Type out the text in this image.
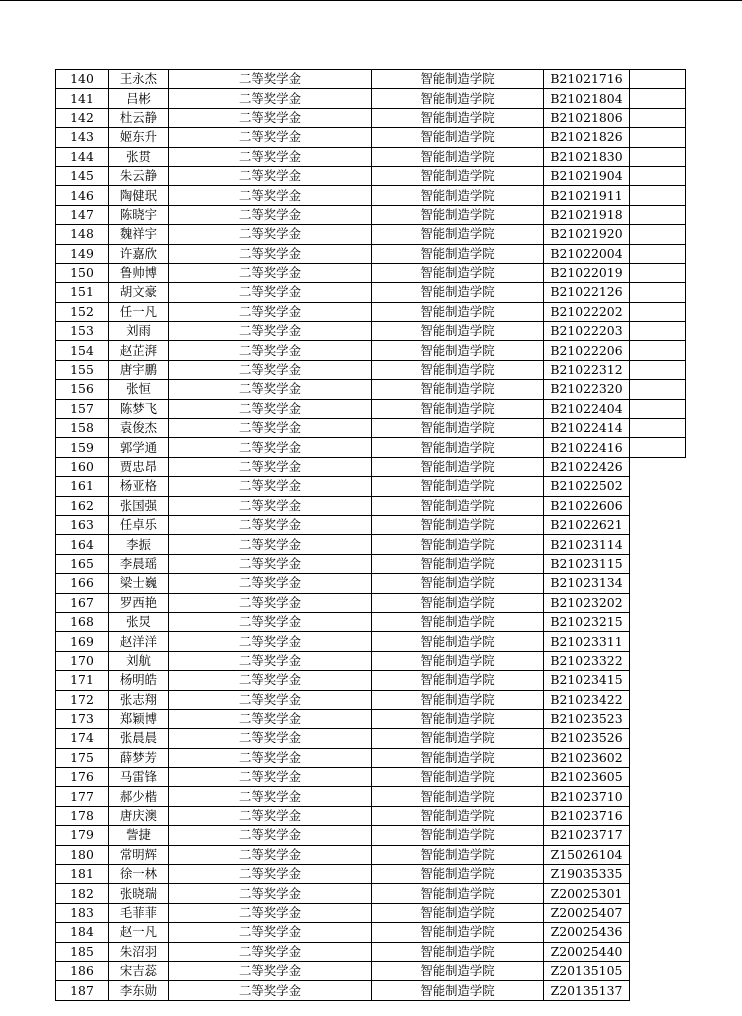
140	王永杰	二等奖学金	智能制造学院	B21021716	
141	吕彬	二等奖学金	智能制造学院	B21021804	
142	杜云静	二等奖学金	智能制造学院	B21021806	
143	姬东升	二等奖学金	智能制造学院	B21021826	
144	张贯	二等奖学金	智能制造学院	B21021830	
145	朱云静	二等奖学金	智能制造学院	B21021904	
146	陶健珉	二等奖学金	智能制造学院	B21021911	
147	陈晓宇	二等奖学金	智能制造学院	B21021918	
148	魏祥宇	二等奖学金	智能制造学院	B21021920	
149	许嘉欣	二等奖学金	智能制造学院	B21022004	
150	鲁帅博	二等奖学金	智能制造学院	B21022019	
151	胡文豪	二等奖学金	智能制造学院	B21022126	
152	任一凡	二等奖学金	智能制造学院	B21022202	
153	刘雨	二等奖学金	智能制造学院	B21022203	
154	赵芷湃	二等奖学金	智能制造学院	B21022206	
155	唐宇鹏	二等奖学金	智能制造学院	B21022312	
156	张恒	二等奖学金	智能制造学院	B21022320	
157	陈梦飞	二等奖学金	智能制造学院	B21022404	
158	袁俊杰	二等奖学金	智能制造学院	B21022414	
159	郭学通	二等奖学金	智能制造学院	B21022416	
160	贾忠昂	二等奖学金	智能制造学院	B21022426	
161	杨亚格	二等奖学金	智能制造学院	B21022502	
162	张国强	二等奖学金	智能制造学院	B21022606	
163	任卓乐	二等奖学金	智能制造学院	B21022621	
164	李振	二等奖学金	智能制造学院	B21023114	
165	李晨瑶	二等奖学金	智能制造学院	B21023115	
166	梁士巍	二等奖学金	智能制造学院	B21023134	
167	罗西艳	二等奖学金	智能制造学院	B21023202	
168	张炅	二等奖学金	智能制造学院	B21023215	
169	赵洋洋	二等奖学金	智能制造学院	B21023311	
170	刘航	二等奖学金	智能制造学院	B21023322	
171	杨明皓	二等奖学金	智能制造学院	B21023415	
172	张志翔	二等奖学金	智能制造学院	B21023422	
173	郑颖博	二等奖学金	智能制造学院	B21023523	
174	张晨晨	二等奖学金	智能制造学院	B21023526	
175	薛梦芳	二等奖学金	智能制造学院	B21023602	
176	马雷锋	二等奖学金	智能制造学院	B21023605	
177	郝少楷	二等奖学金	智能制造学院	B21023710	
178	唐庆澳	二等奖学金	智能制造学院	B21023716	
179	訾捷	二等奖学金	智能制造学院	B21023717	
180	常明辉	二等奖学金	智能制造学院	Z15026104	
181	徐一林	二等奖学金	智能制造学院	Z19035335	
182	张晓瑞	二等奖学金	智能制造学院	Z20025301	
183	毛菲菲	二等奖学金	智能制造学院	Z20025407	
184	赵一凡	二等奖学金	智能制造学院	Z20025436	
185	朱沼羽	二等奖学金	智能制造学院	Z20025440	
186	宋吉蕊	二等奖学金	智能制造学院	Z20135105	
187	李东勋	二等奖学金	智能制造学院	Z20135137	
